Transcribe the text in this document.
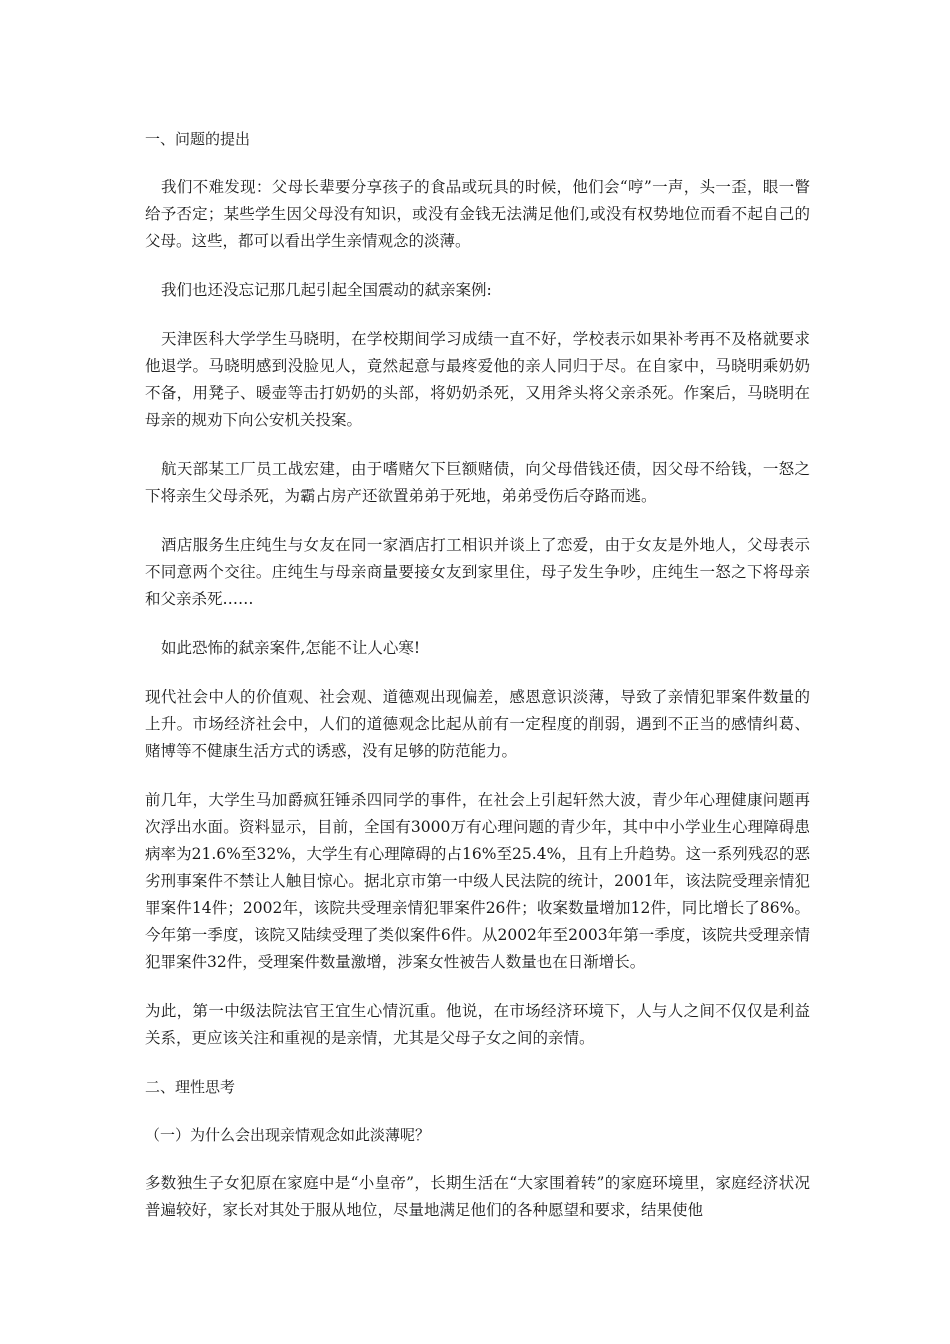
一、问题的提出

我们不难发现：父母长辈要分享孩子的食品或玩具的时候，他们会“哼”一声，头一歪，眼一瞥给予否定；某些学生因父母没有知识，或没有金钱无法满足他们,或没有权势地位而看不起自己的父母。这些，都可以看出学生亲情观念的淡薄。

我们也还没忘记那几起引起全国震动的弑亲案例:

天津医科大学学生马晓明，在学校期间学习成绩一直不好，学校表示如果补考再不及格就要求他退学。马晓明感到没脸见人，竟然起意与最疼爱他的亲人同归于尽。在自家中，马晓明乘奶奶不备，用凳子、暖壶等击打奶奶的头部，将奶奶杀死，又用斧头将父亲杀死。作案后，马晓明在母亲的规劝下向公安机关投案。

航天部某工厂员工战宏建，由于嗜赌欠下巨额赌债，向父母借钱还债，因父母不给钱，一怒之下将亲生父母杀死，为霸占房产还欲置弟弟于死地，弟弟受伤后夺路而逃。

酒店服务生庄纯生与女友在同一家酒店打工相识并谈上了恋爱，由于女友是外地人，父母表示不同意两个交往。庄纯生与母亲商量要接女友到家里住，母子发生争吵，庄纯生一怒之下将母亲和父亲杀死……

如此恐怖的弑亲案件,怎能不让人心寒!

现代社会中人的价值观、社会观、道德观出现偏差，感恩意识淡薄，导致了亲情犯罪案件数量的上升。市场经济社会中，人们的道德观念比起从前有一定程度的削弱，遇到不正当的感情纠葛、赌博等不健康生活方式的诱惑，没有足够的防范能力。

前几年，大学生马加爵疯狂锤杀四同学的事件，在社会上引起轩然大波，青少年心理健康问题再次浮出水面。资料显示，目前，全国有3000万有心理问题的青少年，其中中小学业生心理障碍患病率为21.6%至32%，大学生有心理障碍的占16%至25.4%，且有上升趋势。这一系列残忍的恶劣刑事案件不禁让人触目惊心。据北京市第一中级人民法院的统计，2001年，该法院受理亲情犯罪案件14件；2002年，该院共受理亲情犯罪案件26件；收案数量增加12件，同比增长了86%。今年第一季度，该院又陆续受理了类似案件6件。从2002年至2003年第一季度，该院共受理亲情犯罪案件32件，受理案件数量激增，涉案女性被告人数量也在日渐增长。

为此，第一中级法院法官王宜生心情沉重。他说，在市场经济环境下，人与人之间不仅仅是利益关系，更应该关注和重视的是亲情，尤其是父母子女之间的亲情。

二、理性思考
（一）为什么会出现亲情观念如此淡薄呢？

多数独生子女犯原在家庭中是“小皇帝”，长期生活在“大家围着转”的家庭环境里，家庭经济状况普遍较好，家长对其处于服从地位，尽量地满足他们的各种愿望和要求，结果使他
